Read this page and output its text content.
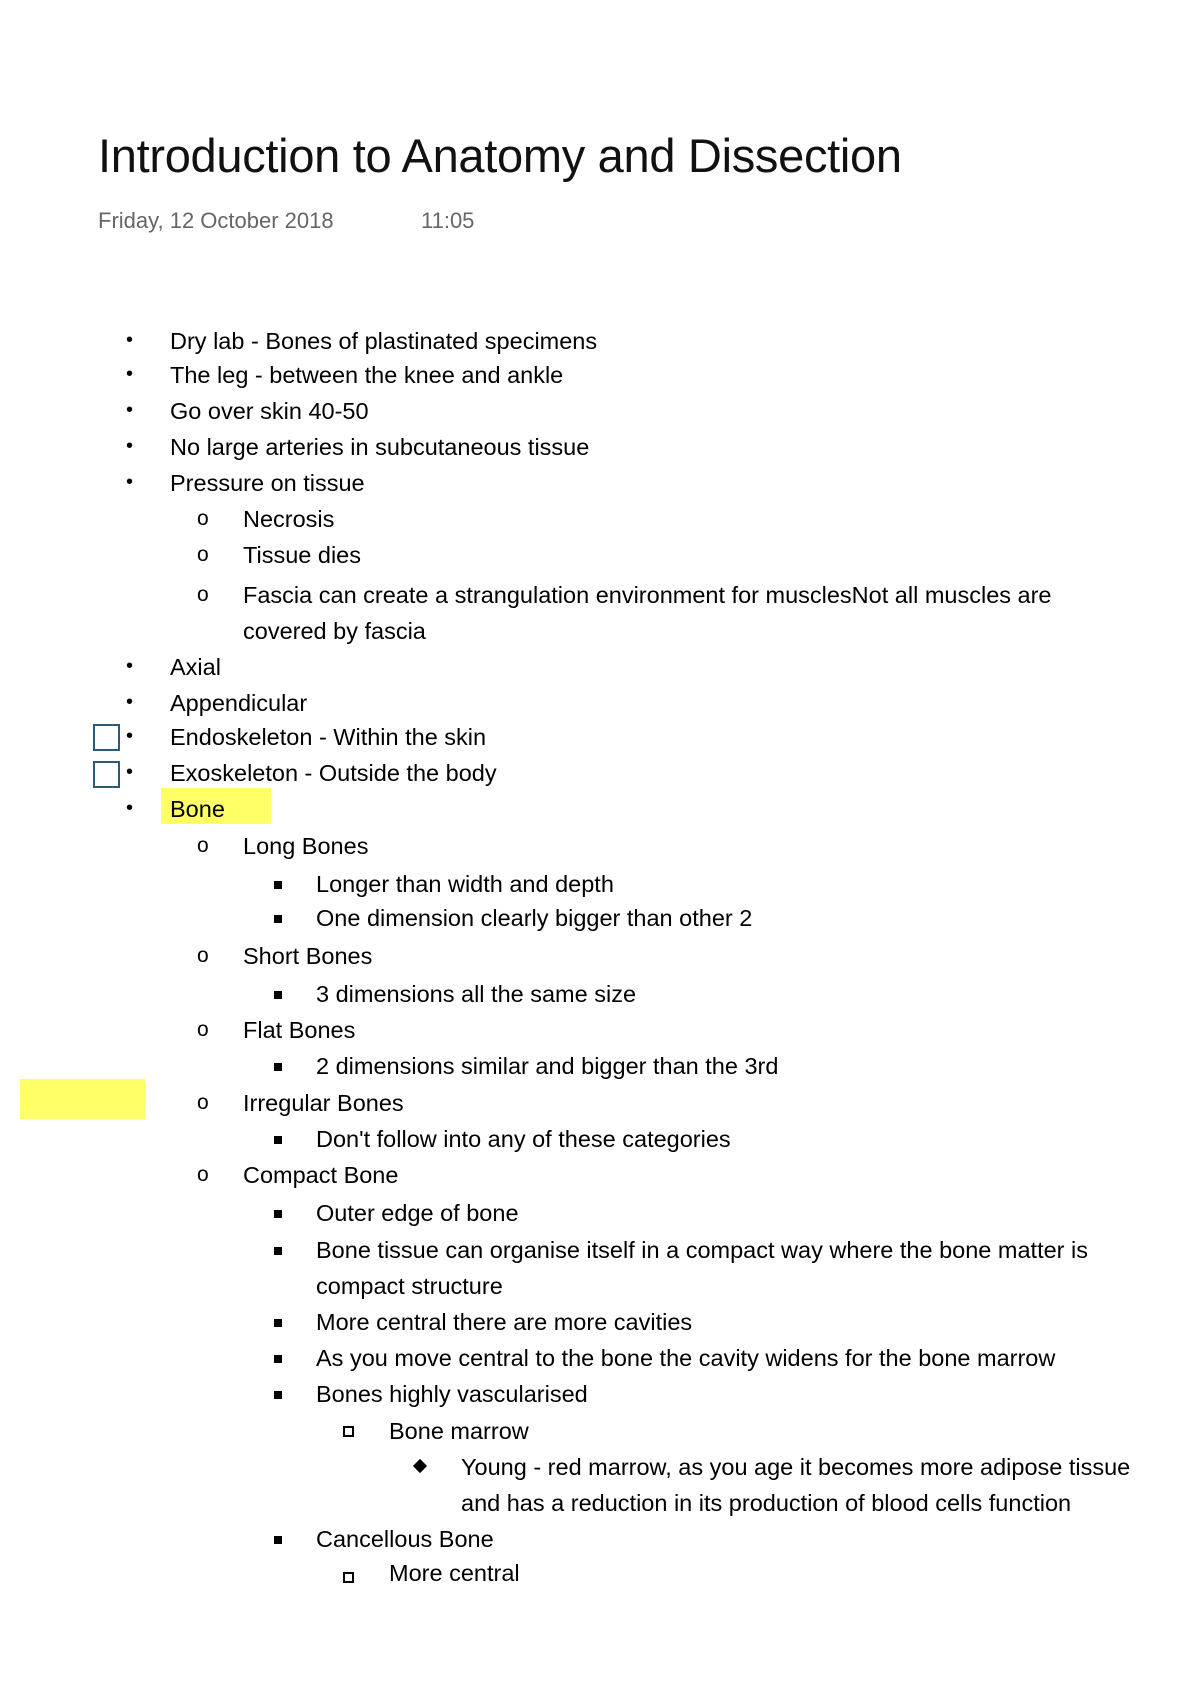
Introduction to Anatomy and Dissection
Friday, 12 October 2018	11:05
• Dry lab - Bones of plastinated specimens
• The leg - between the knee and ankle
• Go over skin 40-50
• No large arteries in subcutaneous tissue
• Pressure on tissue
o Necrosis
o Tissue dies
o Fascia can create a strangulation environment for musclesNot all muscles are
covered by fascia
• Axial
• Appendicular
• Endoskeleton - Within the skin
• Exoskeleton - Outside the body
• Bone
o Long Bones
Longer than width and depth
One dimension clearly bigger than other 2
o Short Bones
3 dimensions all the same size
o Flat Bones
2 dimensions similar and bigger than the 3rd
o Irregular Bones
Don't follow into any of these categories
o Compact Bone
Outer edge of bone
Bone tissue can organise itself in a compact way where the bone matter is
compact structure
More central there are more cavities
As you move central to the bone the cavity widens for the bone marrow
Bones highly vascularised
Bone marrow
Young - red marrow, as you age it becomes more adipose tissue
and has a reduction in its production of blood cells function
Cancellous Bone
More central
